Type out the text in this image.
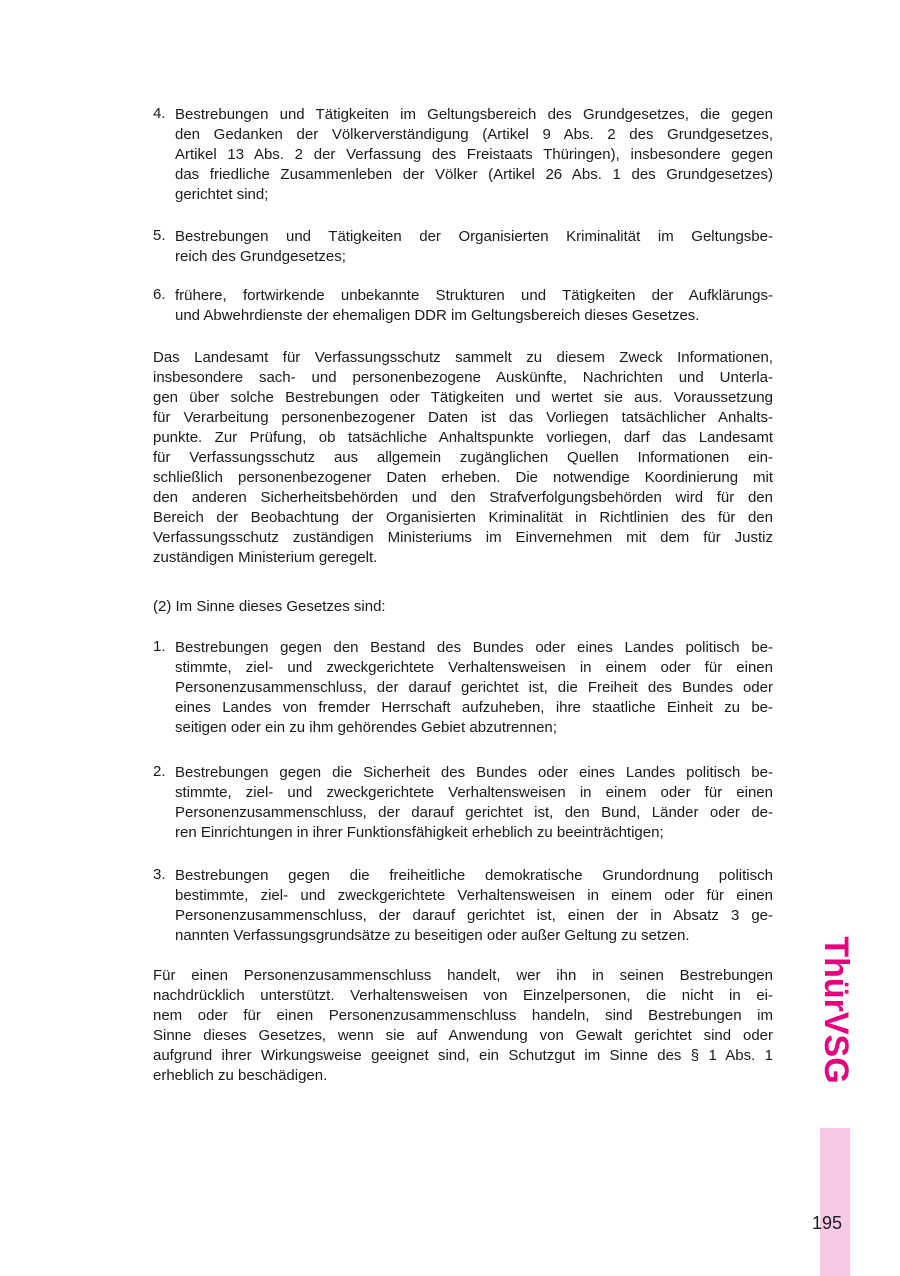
4. Bestrebungen und Tätigkeiten im Geltungsbereich des Grundgesetzes, die gegen
den Gedanken der Völkerverständigung (Artikel 9 Abs. 2 des Grundgesetzes,
Artikel 13 Abs. 2 der Verfassung des Freistaats Thüringen), insbesondere gegen
das friedliche Zusammenleben der Völker (Artikel 26 Abs. 1 des Grundgesetzes)
gerichtet sind;
5. Bestrebungen und Tätigkeiten der Organisierten Kriminalität im Geltungsbe-
reich des Grundgesetzes;
6. frühere, fortwirkende unbekannte Strukturen und Tätigkeiten der Aufklärungs-
und Abwehrdienste der ehemaligen DDR im Geltungsbereich dieses Gesetzes.
Das Landesamt für Verfassungsschutz sammelt zu diesem Zweck Informationen,
insbesondere sach- und personenbezogene Auskünfte, Nachrichten und Unterla-
gen über solche Bestrebungen oder Tätigkeiten und wertet sie aus. Voraussetzung
für Verarbeitung personenbezogener Daten ist das Vorliegen tatsächlicher Anhalts-
punkte. Zur Prüfung, ob tatsächliche Anhaltspunkte vorliegen, darf das Landesamt
für Verfassungsschutz aus allgemein zugänglichen Quellen Informationen ein-
schließlich personenbezogener Daten erheben. Die notwendige Koordinierung mit
den anderen Sicherheitsbehörden und den Strafverfolgungsbehörden wird für den
Bereich der Beobachtung der Organisierten Kriminalität in Richtlinien des für den
Verfassungsschutz zuständigen Ministeriums im Einvernehmen mit dem für Justiz
zuständigen Ministerium geregelt.
(2) Im Sinne dieses Gesetzes sind:
1. Bestrebungen gegen den Bestand des Bundes oder eines Landes politisch be-
stimmte, ziel- und zweckgerichtete Verhaltensweisen in einem oder für einen
Personenzusammenschluss, der darauf gerichtet ist, die Freiheit des Bundes oder
eines Landes von fremder Herrschaft aufzuheben, ihre staatliche Einheit zu be-
seitigen oder ein zu ihm gehörendes Gebiet abzutrennen;
2. Bestrebungen gegen die Sicherheit des Bundes oder eines Landes politisch be-
stimmte, ziel- und zweckgerichtete Verhaltensweisen in einem oder für einen
Personenzusammenschluss, der darauf gerichtet ist, den Bund, Länder oder de-
ren Einrichtungen in ihrer Funktionsfähigkeit erheblich zu beeinträchtigen;
3. Bestrebungen gegen die freiheitliche demokratische Grundordnung politisch
bestimmte, ziel- und zweckgerichtete Verhaltensweisen in einem oder für einen
Personenzusammenschluss, der darauf gerichtet ist, einen der in Absatz 3 ge-
nannten Verfassungsgrundsätze zu beseitigen oder außer Geltung zu setzen.
Für einen Personenzusammenschluss handelt, wer ihn in seinen Bestrebungen
nachdrücklich unterstützt. Verhaltensweisen von Einzelpersonen, die nicht in ei-
nem oder für einen Personenzusammenschluss handeln, sind Bestrebungen im
Sinne dieses Gesetzes, wenn sie auf Anwendung von Gewalt gerichtet sind oder
aufgrund ihrer Wirkungsweise geeignet sind, ein Schutzgut im Sinne des § 1 Abs. 1
erheblich zu beschädigen.	ThürVSG
195
